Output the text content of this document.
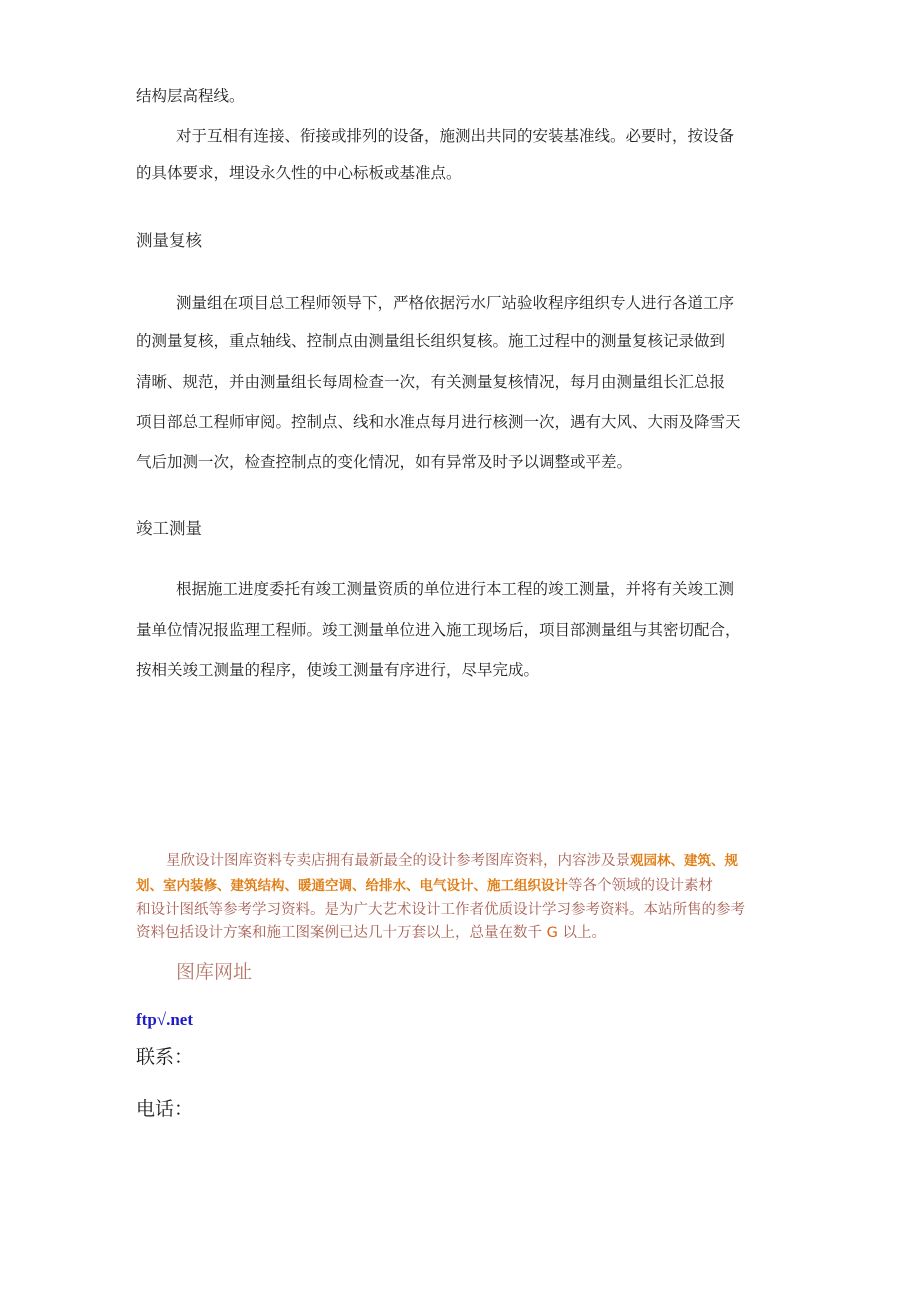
结构层高程线。
对于互相有连接、衔接或排列的设备，施测出共同的安装基准线。必要时，按设备
的具体要求，埋设永久性的中心标板或基准点。
测量复核
测量组在项目总工程师领导下，严格依据污水厂站验收程序组织专人进行各道工序
的测量复核，重点轴线、控制点由测量组长组织复核。施工过程中的测量复核记录做到
清晰、规范，并由测量组长每周检查一次，有关测量复核情况，每月由测量组长汇总报
项目部总工程师审阅。控制点、线和水准点每月进行核测一次，遇有大风、大雨及降雪天
气后加测一次，检查控制点的变化情况，如有异常及时予以调整或平差。
竣工测量
根据施工进度委托有竣工测量资质的单位进行本工程的竣工测量，并将有关竣工测
量单位情况报监理工程师。竣工测量单位进入施工现场后，项目部测量组与其密切配合，
按相关竣工测量的程序，使竣工测量有序进行，尽早完成。
星欣设计图库资料专卖店拥有最新最全的设计参考图库资料，内容涉及景观园林、建筑、规
划、室内装修、建筑结构、暖通空调、给排水、电气设计、施工组织设计等各个领域的设计素材
和设计图纸等参考学习资料。是为广大艺术设计工作者优质设计学习参考资料。本站所售的参考
资料包括设计方案和施工图案例已达几十万套以上，总量在数千 G 以上。
图库网址
ftp√.net
联系：
电话：
